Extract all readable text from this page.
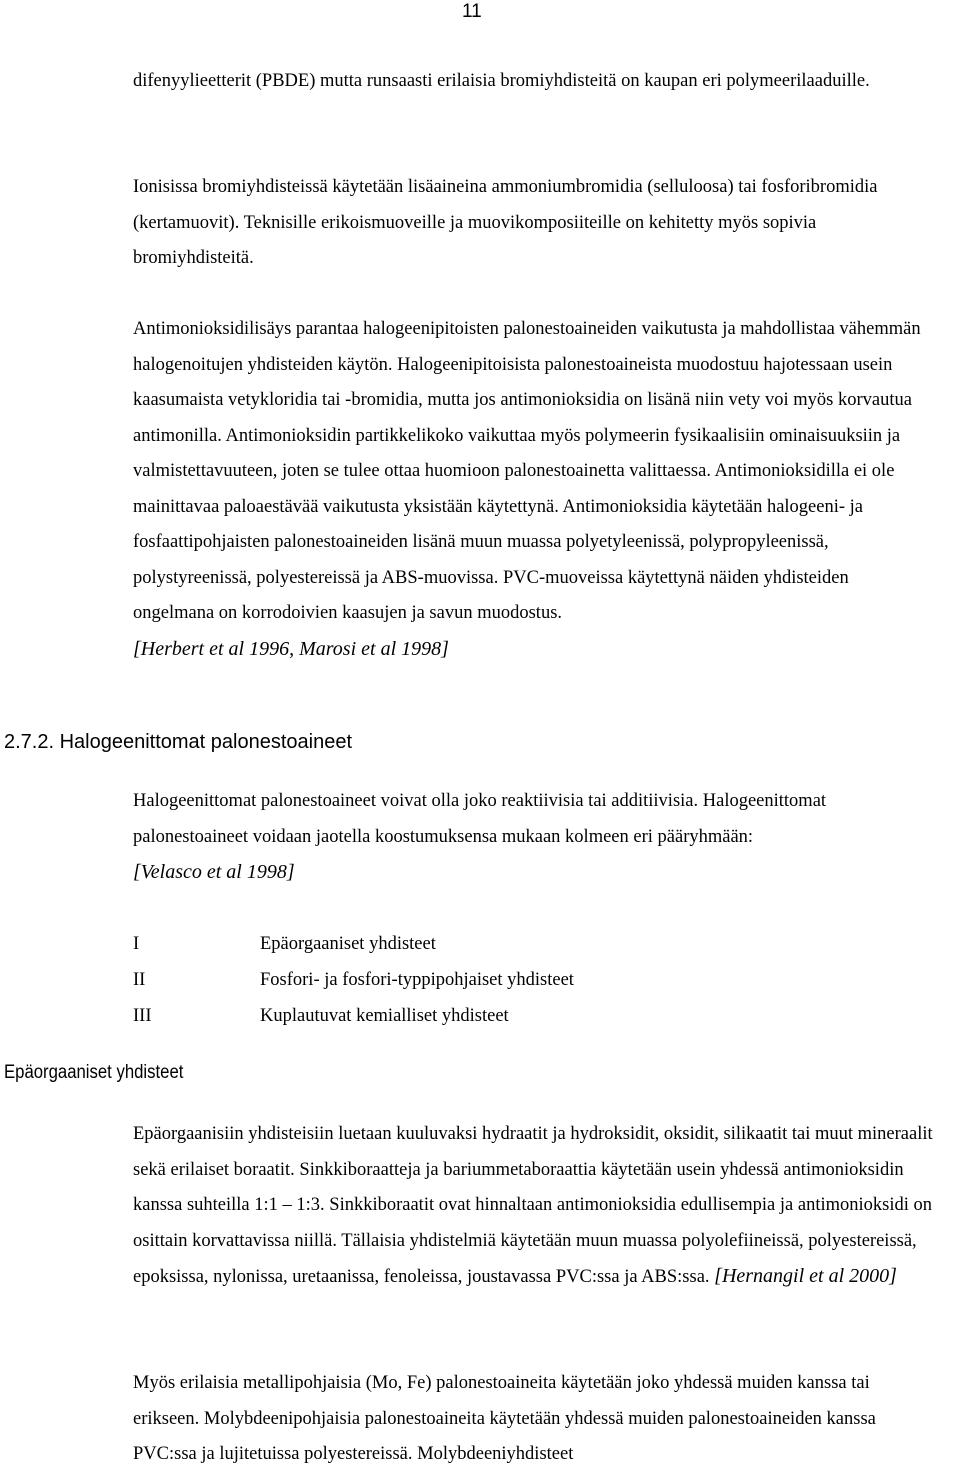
11

difenyylieetterit (PBDE) mutta runsaasti erilaisia bromiyhdisteitä on kaupan eri polymeerilaaduille.

Ionisissa bromiyhdisteissä käytetään lisäaineina ammoniumbromidia (selluloosa) tai fosforibromidia (kertamuovit). Teknisille erikoismuoveille ja muovikomposiiteille on kehitetty myös sopivia bromiyhdisteitä.

Antimonioksidilisäys parantaa halogeenipitoisten palonestoaineiden vaikutusta ja mahdollistaa vähemmän halogenoitujen yhdisteiden käytön. Halogeenipitoisista palonestoaineista muodostuu hajotessaan usein kaasumaista vetykloridia tai -bromidia, mutta jos antimonioksidia on lisänä niin vety voi myös korvautua antimonilla. Antimonioksidin partikkelikoko vaikuttaa myös polymeerin fysikaalisiin ominaisuuksiin ja valmistettavuuteen, joten se tulee ottaa huomioon palonestoainetta valittaessa. Antimonioksidilla ei ole mainittavaa paloaestävää vaikutusta yksistään käytettynä. Antimonioksidia käytetään halogeeni- ja fosfaattipohjaisten palonestoaineiden lisänä muun muassa polyetyleenissä, polypropyleenissä, polystyreenissä, polyestereissä ja ABS-muovissa. PVC-muoveissa käytettynä näiden yhdisteiden ongelmana on korrodoivien kaasujen ja savun muodostus.
[Herbert et al 1996, Marosi et al 1998]

2.7.2. Halogeenittomat palonestoaineet

Halogeenittomat palonestoaineet voivat olla joko reaktiivisia tai additiivisia. Halogeenittomat palonestoaineet voidaan jaotella koostumuksensa mukaan kolmeen eri pääryhmään:
[Velasco et al 1998]

I	Epäorgaaniset yhdisteet
II	Fosfori- ja fosfori-typpipohjaiset yhdisteet
III	Kuplautuvat kemialliset yhdisteet
Epäorgaaniset yhdisteet

Epäorgaanisiin yhdisteisiin luetaan kuuluvaksi hydraatit ja hydroksidit, oksidit, silikaatit tai muut mineraalit sekä erilaiset boraatit. Sinkkiboraatteja ja bariummetaboraattia käytetään usein yhdessä antimonioksidin kanssa suhteilla 1:1 – 1:3. Sinkkiboraatit ovat hinnaltaan antimonioksidia edullisempia ja antimonioksidi on osittain korvattavissa niillä. Tällaisia yhdistelmiä käytetään muun muassa polyolefiineissä, polyestereissä, epoksissa, nylonissa, uretaanissa, fenoleissa, joustavassa PVC:ssa ja ABS:ssa. [Hernangil et al 2000]

Myös erilaisia metallipohjaisia (Mo, Fe) palonestoaineita käytetään joko yhdessä muiden kanssa tai erikseen. Molybdeenipohjaisia palonestoaineita käytetään yhdessä muiden palonestoaineiden kanssa PVC:ssa ja lujitetuissa polyestereissä. Molybdeeniyhdisteet
